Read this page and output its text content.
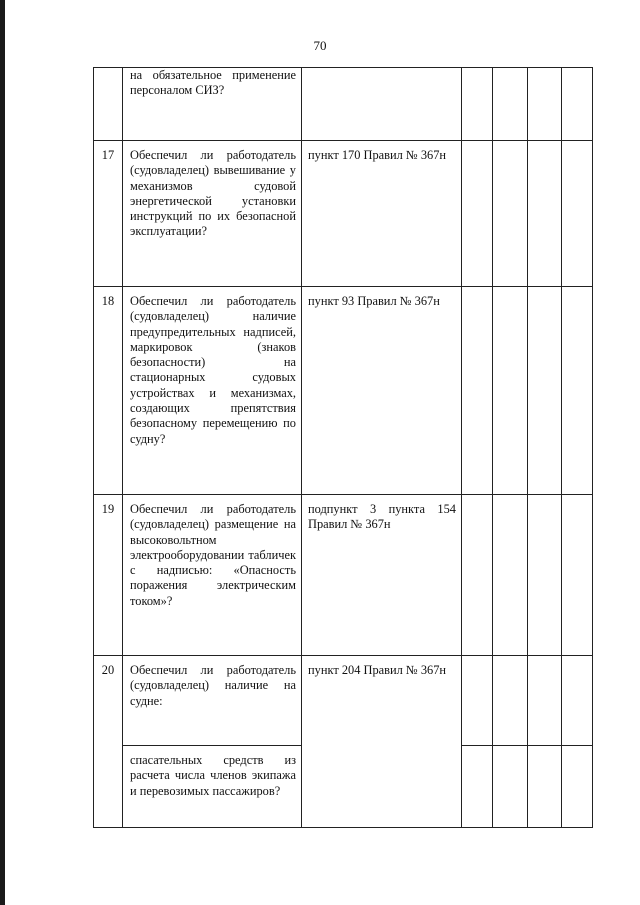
70

	на обязательное применение персоналом СИЗ?					

17	Обеспечил ли работодатель (судовладелец) вывешивание у механизмов судовой энергетической установки инструкций по их безопасной эксплуатации?	пункт 170 Правил № 367н				

18	Обеспечил ли работодатель (судовладелец) наличие предупредительных надписей, маркировок (знаков безопасности) на стационарных судовых устройствах и механизмах, создающих препятствия безопасному перемещению по судну?	пункт 93 Правил № 367н				

19	Обеспечил ли работодатель (судовладелец) размещение на высоковольтном электрооборудовании табличек с надписью: «Опасность поражения электрическим током»?	подпункт 3 пункта 154 Правил № 367н				

20	Обеспечил ли работодатель (судовладелец) наличие на судне:	пункт 204 Правил № 367н				

	спасательных средств из расчета числа членов экипажа и перевозимых пассажиров?					
